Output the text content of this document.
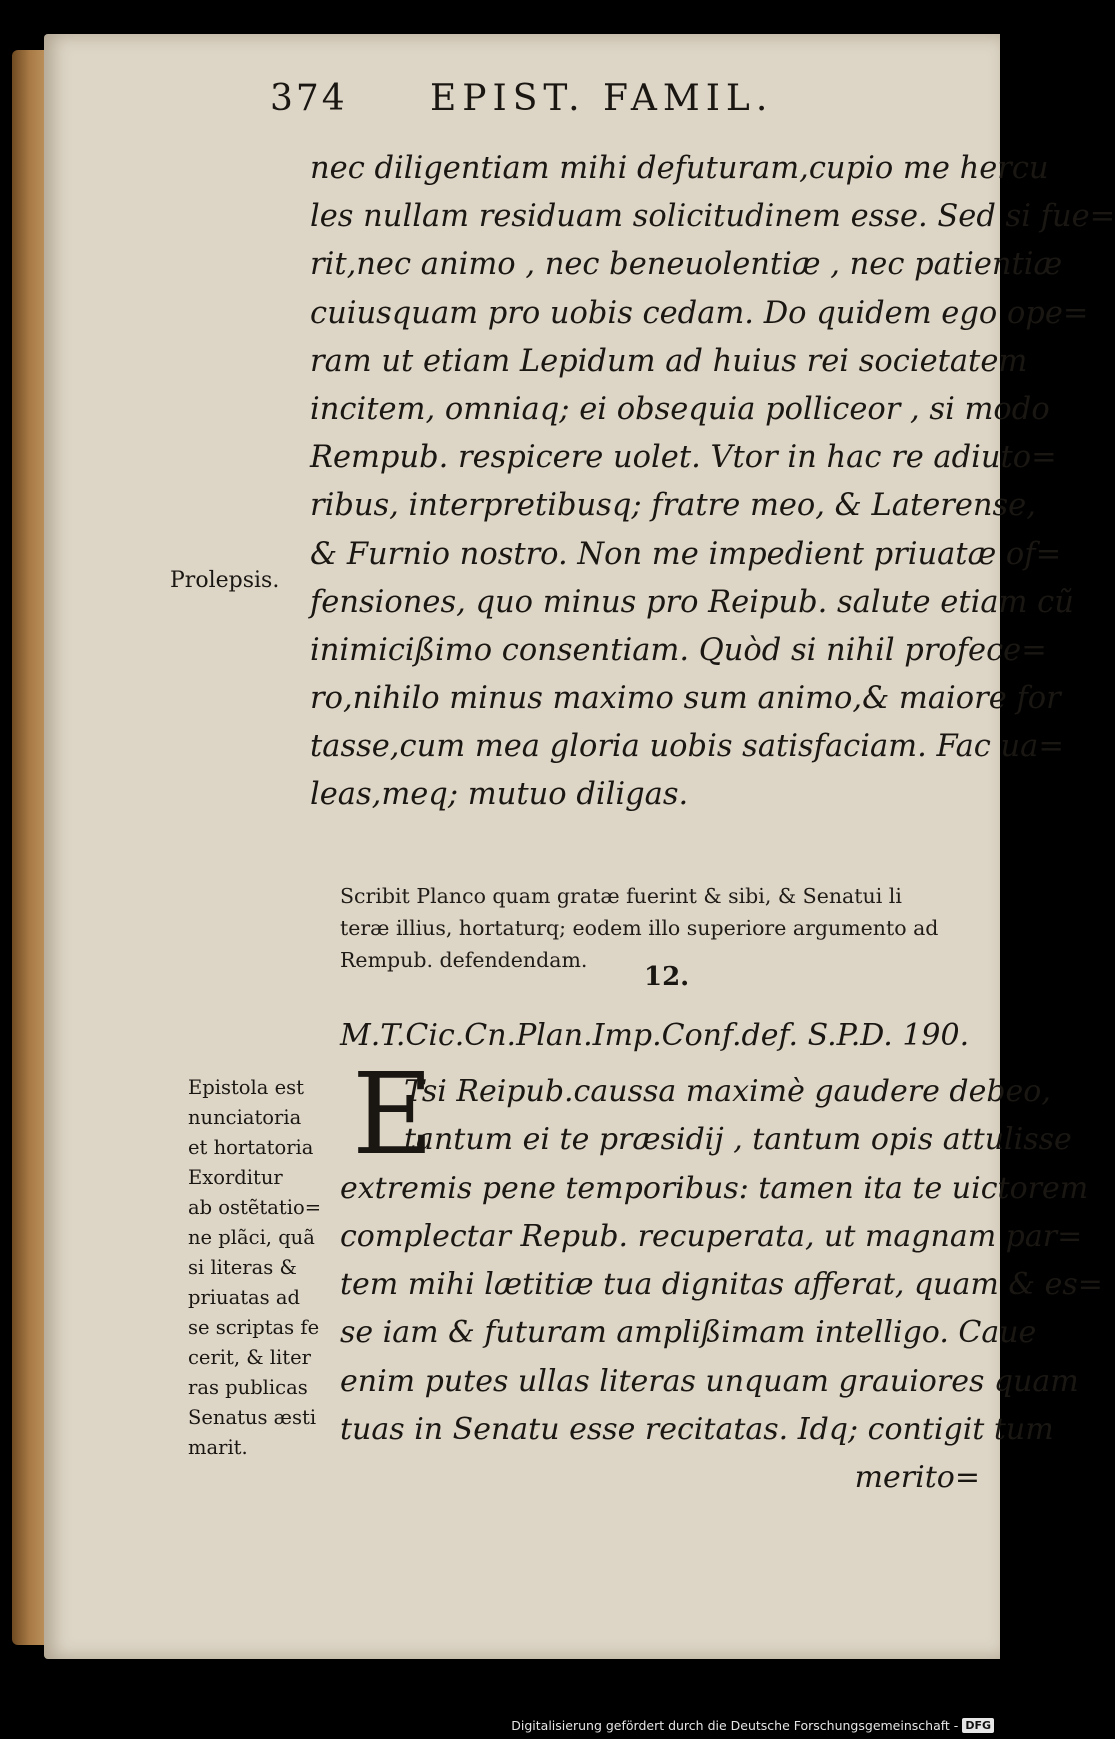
374 EPIST. FAMIL.
nec diligentiam mihi defuturam,cupio me hercu
les nullam residuam solicitudinem esse. Sed si fue=
rit,nec animo , nec beneuolentiæ , nec patientiæ
cuiusquam pro uobis cedam. Do quidem ego ope=
ram ut etiam Lepidum ad huius rei societatem
incitem, omniaq; ei obsequia polliceor , si modo
Rempub. respicere uolet. Vtor in hac re adiuto=
ribus, interpretibusq; fratre meo, & Laterense,
& Furnio nostro. Non me impedient priuatæ of=
fensiones, quo minus pro Reipub. salute etiam cũ
inimicißimo consentiam. Quòd si nihil profece=
ro,nihilo minus maximo sum animo,& maiore for
tasse,cum mea gloria uobis satisfaciam. Fac ua=
leas,meq; mutuo diligas.
Prolepsis.
Scribit Planco quam gratæ fuerint & sibi, & Senatui li
teræ illius, hortaturq; eodem illo superiore argumento ad
Rempub. defendendam.
12.
M.T.Cic.Cn.Plan.Imp.Conf.def. S.P.D. 190.
E
Tsi Reipub.caussa maximè gaudere debeo,
tantum ei te præsidij , tantum opis attulisse
extremis pene temporibus: tamen ita te uictorem
complectar Repub. recuperata, ut magnam par=
tem mihi lætitiæ tua dignitas afferat, quam & es=
se iam & futuram amplißimam intelligo. Caue
enim putes ullas literas unquam grauiores quam
tuas in Senatu esse recitatas. Idq; contigit tum
merito=
Epistola est
nunciatoria
et hortatoria
Exorditur
ab ostẽtatio=
ne plãci, quã
si literas &
priuatas ad
se scriptas fe
cerit, & liter
ras publicas
Senatus æsti
marit.
Digitalisierung gefördert durch die Deutsche Forschungsgemeinschaft - DFG
